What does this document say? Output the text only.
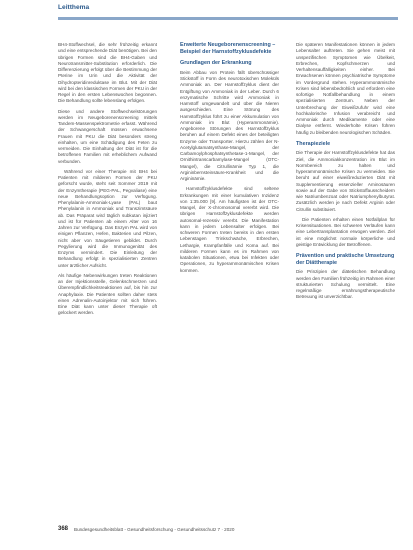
Leitthema

BH4-Stoffwechsel, die sehr frühzeitig erkannt und eine entsprechende Diät benötigen. Bei den übrigen Formen sind die BH4-Gaben und Neurotransmitter-Substitution erforderlich. Die Differenzierung erfolgt über die Bestimmung der Pterine im Urin und die Aktivität der Dihydropteridinreduktase im Blut. Mit der Diät wird bei den klassischen Formen der PKU in der Regel in den ersten Lebenswochen begonnen. Die Behandlung sollte lebenslang erfolgen.

Diese und andere Stoffwechselstörungen werden im Neugeborenenscreening mittels Tandem-Massenspektrometrie erfasst. Während der Schwangerschaft müssen erwachsene Frauen mit PKU die Diät besonders streng einhalten, um eine Schädigung des Feten zu vermeiden. Die Einhaltung der Diät ist für die betroffenen Familien mit erheblichem Aufwand verbunden.

Während vor einer Therapie mit BH4 bei Patienten mit milderen Formen der PKU geforscht wurde, steht seit Sommer 2019 mit der Enzymtherapie (PEG-PAL, Pegvaliase) eine neue Behandlungsoption zur Verfügung. Phenylalanin-Ammoniak-Lyase (PAL) baut Phenylalanin in Ammoniak und Transzimtsäure ab. Das Präparat wird täglich subkutan injiziert und ist für Patienten ab einem Alter von 16 Jahren zur Verfügung. Das Enzym PAL wird von einigen Pflanzen, Hefen, Bakterien und Pilzen, nicht aber von Säugetieren gebildet. Durch Pegylierung wird die Immunogenität des Enzyms vermindert. Die Einleitung der Behandlung erfolgt in spezialisierten Zentren unter ärztlicher Aufsicht.

Als häufige Nebenwirkungen treten Reaktionen an der Injektionsstelle, Gelenkschmerzen und Überempfindlichkeitsreaktionen auf, bis hin zur Anaphylaxie. Die Patienten sollten daher stets einen Adrenalin-Autoinjektor mit sich führen. Eine Diät kann unter dieser Therapie oft gelockert werden.

Erweiterte Neugeborenenscreening – Beispiel der Harnstoffzyklusdefekte
Grundlagen der Erkrankung

Beim Abbau von Protein fällt überschüssiger Stickstoff in Form des neurotoxischen Moleküls Ammoniak an. Der Harnstoffzyklus dient der Entgiftung von Ammoniak in der Leber. Durch 6 enzymatische Schritte wird Ammoniak in Harnstoff umgewandelt und über die Nieren ausgeschieden. Eine Störung des Harnstoffzyklus führt zu einer Akkumulation von Ammoniak im Blut (Hyperammonämie). Angeborene Störungen des Harnstoffzyklus beruhen auf einem Defekt eines der beteiligten Enzyme oder Transporter. Hierzu zählen der N-Acetylglutamatsynthase-Mangel, der Carbamoylphosphatsynthetase-1-Mangel, der Ornithintranscarbamylase-Mangel (OTC-Mangel), die Citrullinämie Typ 1, die Argininbernsteinsäure-Krankheit und die Argininämie.

Harnstoffzyklusdefekte sind seltene Erkrankungen mit einer kumulativen Inzidenz von 1:35.000 [9]. Am häufigsten ist der OTC-Mangel, der X-chromosomal vererbt wird. Die übrigen Harnstoffzyklusdefekte werden autosomal-rezessiv vererbt. Die Manifestation kann in jedem Lebensalter erfolgen. Bei schweren Formen treten bereits in den ersten Lebenstagen Trinkschwäche, Erbrechen, Lethargie, Krampfanfälle und Koma auf. Bei milderen Formen kann es im Rahmen von katabolen Situationen, etwa bei Infekten oder Operationen, zu hyperammonämischen Krisen kommen.

Die späteren Manifestationen können in jedem Lebensalter auftreten. Sie gehen meist mit unspezifischen Symptomen wie Übelkeit, Erbrechen, Kopfschmerzen und Verhaltensauffälligkeiten einher. Bei Erwachsenen können psychiatrische Symptome im Vordergrund stehen. Hyperammonämische Krisen sind lebensbedrohlich und erfordern eine sofortige Notfallbehandlung in einem spezialisierten Zentrum. Neben der Unterbrechung der Eiweißzufuhr wird eine hochkalorische Infusion verabreicht und Ammoniak durch Medikamente oder eine Dialyse entfernt. Wiederholte Krisen führen häufig zu bleibenden neurologischen Schäden.

Therapieziele

Die Therapie der Harnstoffzyklusdefekte hat das Ziel, die Ammoniakkonzentration im Blut im Normbereich zu halten und hyperammonämische Krisen zu vermeiden. Sie beruht auf einer eiweißreduzierten Diät mit Supplementierung essenzieller Aminosäuren sowie auf der Gabe von Stickstoffausscheidern wie Natriumbenzoat oder Natriumphenylbutyrat. Zusätzlich werden je nach Defekt Arginin oder Citrullin substituiert.

Die Patienten erhalten einen Notfallplan für Krisensituationen. Bei schweren Verläufen kann eine Lebertransplantation erwogen werden. Ziel ist eine möglichst normale körperliche und geistige Entwicklung der Betroffenen.

Prävention und praktische Umsetzung der Diättherapie

Die Prinzipien der diätetischen Behandlung werden den Familien frühzeitig im Rahmen einer strukturierten Schulung vermittelt. Eine regelmäßige ernährungstherapeutische Betreuung ist unverzichtbar.

368 Bundesgesundheitsblatt - Gesundheitsforschung - Gesundheitsschutz 7 · 2020
